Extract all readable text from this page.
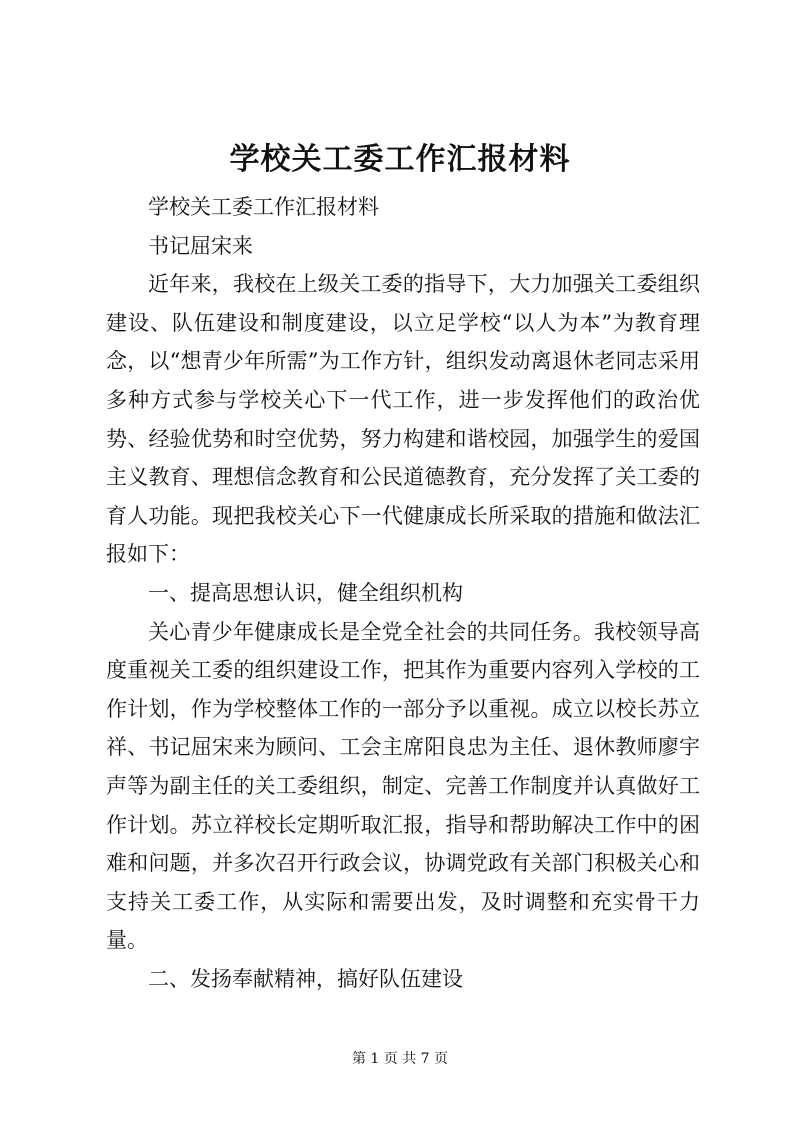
学校关工委工作汇报材料

学校关工委工作汇报材料

书记屈宋来

近年来，我校在上级关工委的指导下，大力加强关工委组织建设、队伍建设和制度建设，以立足学校“以人为本”为教育理念，以“想青少年所需”为工作方针，组织发动离退休老同志采用多种方式参与学校关心下一代工作，进一步发挥他们的政治优势、经验优势和时空优势，努力构建和谐校园，加强学生的爱国主义教育、理想信念教育和公民道德教育，充分发挥了关工委的育人功能。现把我校关心下一代健康成长所采取的措施和做法汇报如下：

一、提高思想认识，健全组织机构

关心青少年健康成长是全党全社会的共同任务。我校领导高度重视关工委的组织建设工作，把其作为重要内容列入学校的工作计划，作为学校整体工作的一部分予以重视。成立以校长苏立祥、书记屈宋来为顾问、工会主席阳良忠为主任、退休教师廖宇声等为副主任的关工委组织，制定、完善工作制度并认真做好工作计划。苏立祥校长定期听取汇报，指导和帮助解决工作中的困难和问题，并多次召开行政会议，协调党政有关部门积极关心和支持关工委工作，从实际和需要出发，及时调整和充实骨干力量。

二、发扬奉献精神，搞好队伍建设

第 1 页 共 7 页
